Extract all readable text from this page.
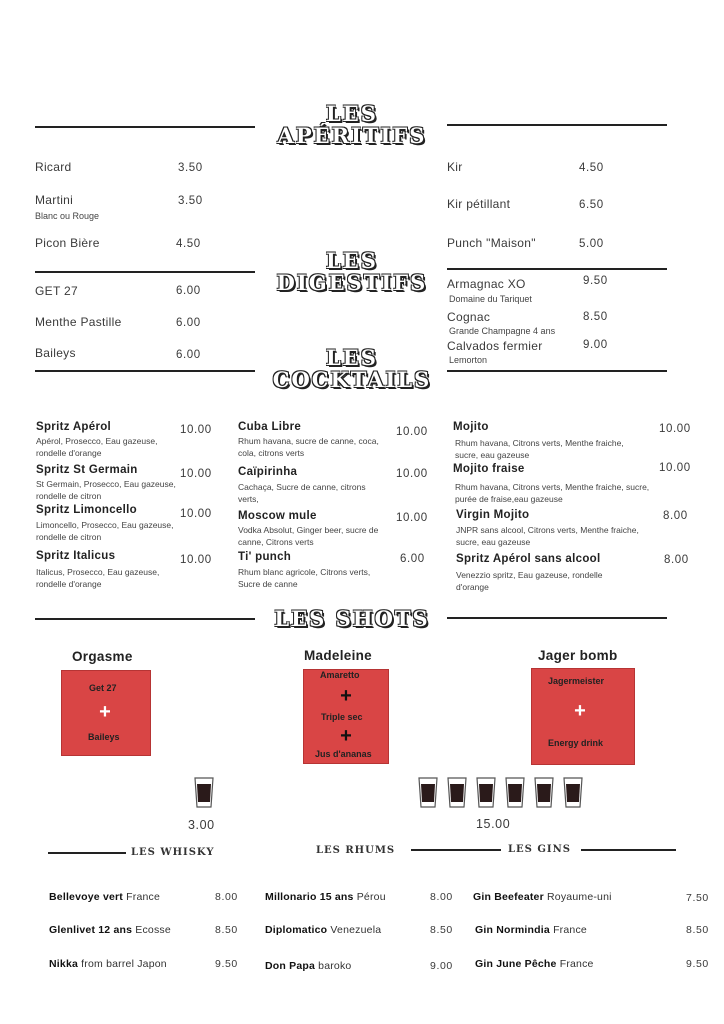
LES
APÉRITIFS
Ricard	3.50
Martini	3.50
Blanc ou Rouge
Picon Bière	4.50
Kir	4.50
Kir pétillant	6.50
Punch "Maison"	5.00
LES
DIGESTIFS
GET 27	6.00
Menthe Pastille	6.00
Baileys	6.00
Armagnac XO	9.50
Domaine du Tariquet
Cognac	8.50
Grande Champagne 4 ans
Calvados fermier	9.00
Lemorton
LES
COCKTAILS
Spritz Apérol	10.00
Apérol, Prosecco, Eau gazeuse, rondelle d'orange
Spritz St Germain	10.00
St Germain, Prosecco, Eau gazeuse, rondelle de citron
Spritz Limoncello	10.00
Limoncello, Prosecco, Eau gazeuse, rondelle de citron
Spritz Italicus	10.00
Italicus, Prosecco, Eau gazeuse, rondelle d'orange
Cuba Libre	10.00
Rhum havana, sucre de canne, coca, cola, citrons verts
Caïpirinha	10.00
Cachaça, Sucre de canne, citrons verts,
Moscow mule	10.00
Vodka Absolut, Ginger beer, sucre de canne, Citrons verts
Ti' punch	6.00
Rhum blanc agricole, Citrons verts, Sucre de canne
Mojito	10.00
Rhum havana, Citrons verts, Menthe fraiche, sucre, eau gazeuse
Mojito fraise	10.00
Rhum havana, Citrons verts, Menthe fraiche, sucre, purée de fraise,eau gazeuse
Virgin Mojito	8.00
JNPR sans alcool, Citrons verts, Menthe fraiche, sucre, eau gazeuse
Spritz Apérol sans alcool	8.00
Venezzio spritz, Eau gazeuse, rondelle d'orange
LES SHOTS
Orgasme
Get 27
+
Baileys
Madeleine
Amaretto
+
Triple sec
+
Jus d'ananas
Jager bomb
Jagermeister
+
Energy drink
3.00	15.00
LES WHISKY	LES RHUMS	LES GINS
Bellevoye vert France	8.00
Glenlivet 12 ans Ecosse	8.50
Nikka from barrel Japon	9.50
Millonario 15 ans Pérou	8.00
Diplomatico Venezuela	8.50
Don Papa baroko	9.00
Gin Beefeater Royaume-uni	7.50
Gin Normindia France	8.50
Gin June Pêche France	9.50
